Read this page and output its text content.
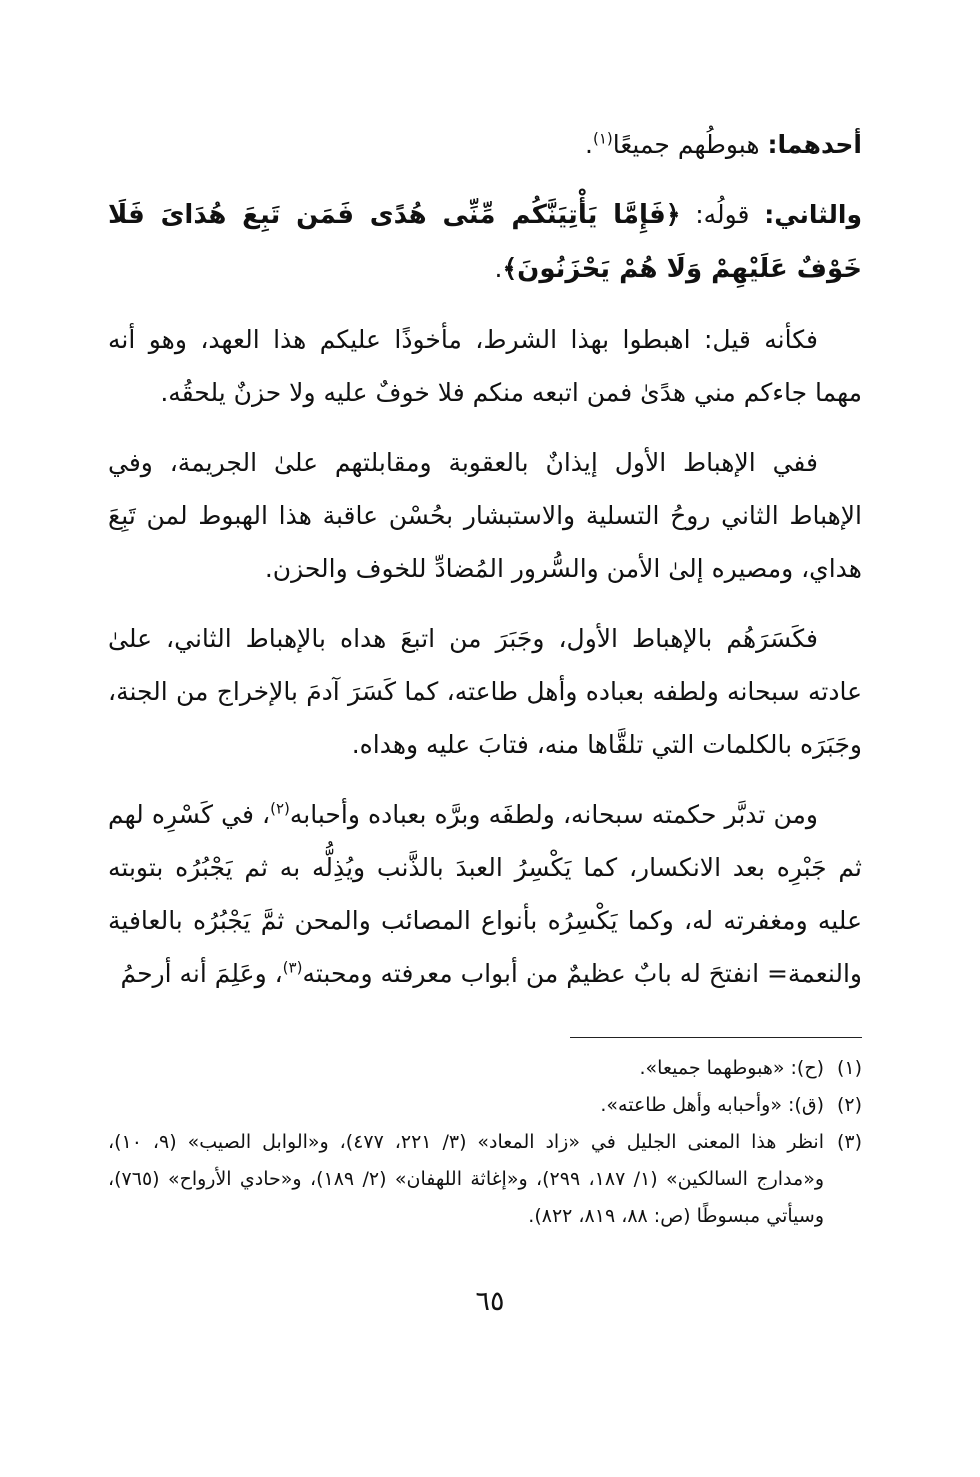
أحدهما: هبوطُهم جميعًا$^{(١)}$.

والثاني: قولُه: ﴿فَإِمَّا يَأْتِيَنَّكُم مِّنِّى هُدًى فَمَن تَبِعَ هُدَاىَ فَلَا خَوْفٌ عَلَيْهِمْ وَلَا هُمْ يَحْزَنُونَ﴾.

فكأنه قيل: اهبطوا بهذا الشرط، مأخوذًا عليكم هذا العهد، وهو أنه مهما جاءكم مني هدًىٰ فمن اتبعه منكم فلا خوفٌ عليه ولا حزنٌ يلحقُه.

ففي الإهباط الأول إيذانٌ بالعقوبة ومقابلتهم علىٰ الجريمة، وفي الإهباط الثاني روحُ التسلية والاستبشار بحُسْن عاقبة هذا الهبوط لمن تَبِعَ هداي، ومصيره إلىٰ الأمن والسُّرور المُضادِّ للخوف والحزن.

فكَسَرَهُم بالإهباط الأول، وجَبَرَ من اتبعَ هداه بالإهباط الثاني، علىٰ عادته سبحانه ولطفه بعباده وأهل طاعته، كما كَسَرَ آدمَ بالإخراج من الجنة، وجَبَرَه بالكلمات التي تلقَّاها منه، فتابَ عليه وهداه.

ومن تدبَّر حكمته سبحانه، ولطفَه وبرَّه بعباده وأحبابه$^{(٢)}$، في كَسْرِه لهم ثم جَبْرِه بعد الانكسار، كما يَكْسِرُ العبدَ بالذَّنب ويُذِلُّه به ثم يَجْبُرُه بتوبته عليه ومغفرته له، وكما يَكْسِرُه بأنواع المصائب والمحن ثمَّ يَجْبُرُه بالعافية والنعمة= انفتحَ له بابٌ عظيمٌ من أبواب معرفته ومحبته$^{(٣)}$، وعَلِمَ أنه أرحمُ

(١)
(ح): «هبوطهما جميعا».

(٢)
(ق): «وأحبابه وأهل طاعته».

(٣)
انظر هذا المعنى الجليل في «زاد المعاد» (٣/ ٢٢١، ٤٧٧)، و«الوابل الصيب» (٩، ١٠)، و«مدارج السالكين» (١/ ١٨٧، ٢٩٩)، و«إغاثة اللهفان» (٢/ ١٨٩)، و«حادي الأرواح» (٧٦٥)، وسيأتي مبسوطًا (ص: ٨٨، ٨١٩، ٨٢٢).

٦٥
